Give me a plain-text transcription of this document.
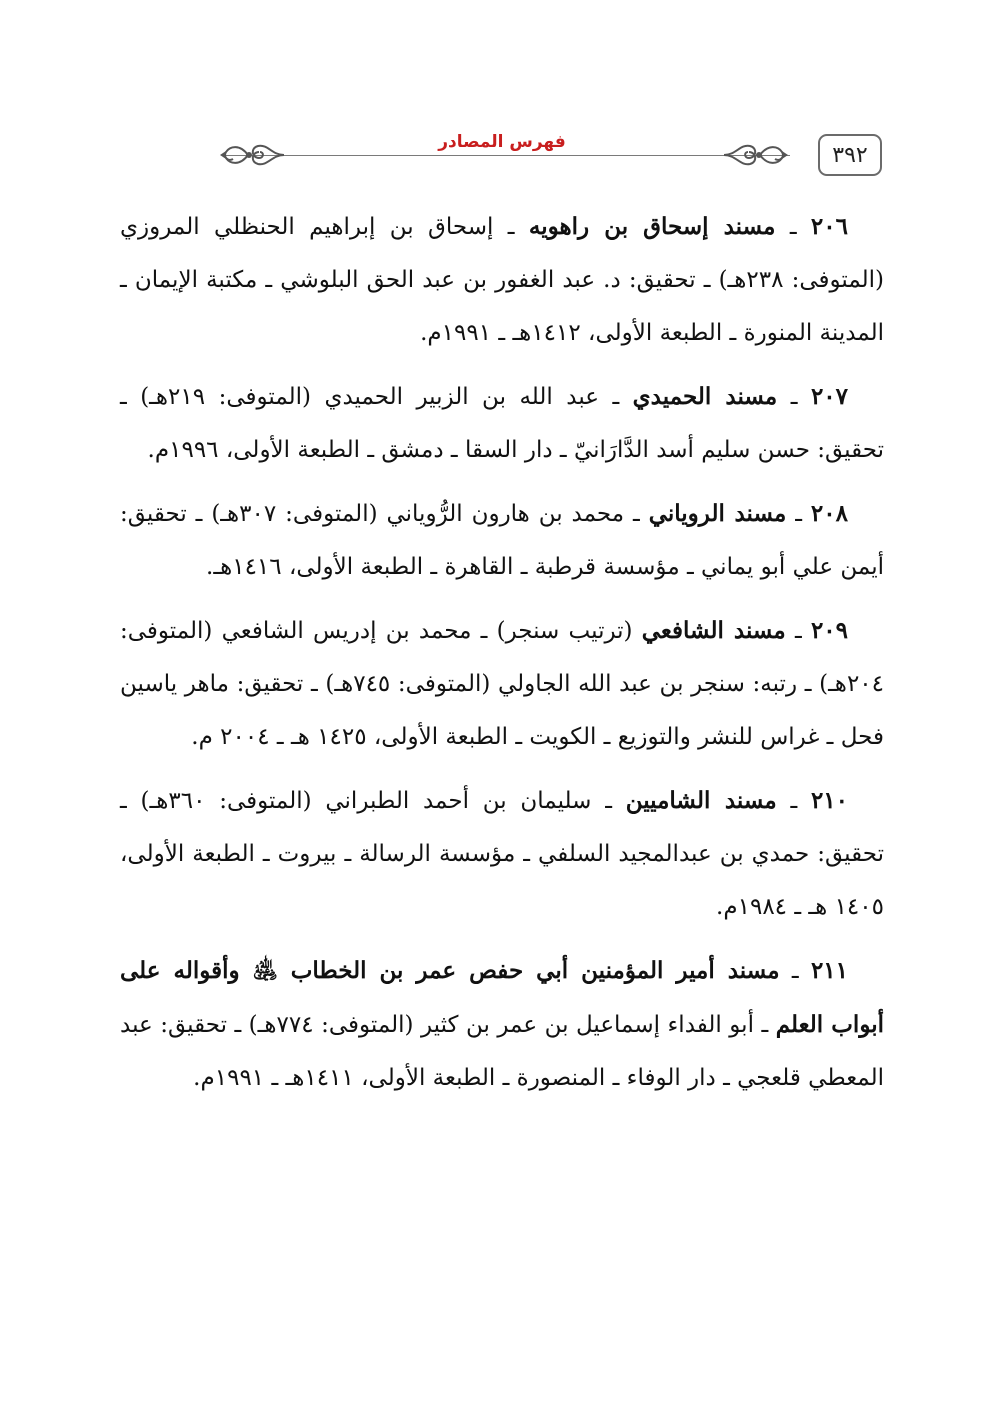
٣٩٢
فهرس المصادر

٢٠٦ ـ مسند إسحاق بن راهويه ـ إسحاق بن إبراهيم الحنظلي المروزي (المتوفى: ٢٣٨هـ) ـ تحقيق: د. عبد الغفور بن عبد الحق البلوشي ـ مكتبة الإيمان ـ المدينة المنورة ـ الطبعة الأولى، ١٤١٢هـ ـ ١٩٩١م.

٢٠٧ ـ مسند الحميدي ـ عبد الله بن الزبير الحميدي (المتوفى: ٢١٩هـ) ـ تحقيق: حسن سليم أسد الدَّارَانيّ ـ دار السقا ـ دمشق ـ الطبعة الأولى، ١٩٩٦م.

٢٠٨ ـ مسند الروياني ـ محمد بن هارون الرُّوياني (المتوفى: ٣٠٧هـ) ـ تحقيق: أيمن علي أبو يماني ـ مؤسسة قرطبة ـ القاهرة ـ الطبعة الأولى، ١٤١٦هـ.

٢٠٩ ـ مسند الشافعي (ترتيب سنجر) ـ محمد بن إدريس الشافعي (المتوفى: ٢٠٤هـ) ـ رتبه: سنجر بن عبد الله الجاولي (المتوفى: ٧٤٥هـ) ـ تحقيق: ماهر ياسين فحل ـ غراس للنشر والتوزيع ـ الكويت ـ الطبعة الأولى، ١٤٢٥ هـ ـ ٢٠٠٤ م.

٢١٠ ـ مسند الشاميين ـ سليمان بن أحمد الطبراني (المتوفى: ٣٦٠هـ) ـ تحقيق: حمدي بن عبدالمجيد السلفي ـ مؤسسة الرسالة ـ بيروت ـ الطبعة الأولى، ١٤٠٥ هـ ـ ١٩٨٤م.

٢١١ ـ مسند أمير المؤمنين أبي حفص عمر بن الخطاب ﵁ وأقواله على أبواب العلم ـ أبو الفداء إسماعيل بن عمر بن كثير (المتوفى: ٧٧٤هـ) ـ تحقيق: عبد المعطي قلعجي ـ دار الوفاء ـ المنصورة ـ الطبعة الأولى، ١٤١١هـ ـ ١٩٩١م.
